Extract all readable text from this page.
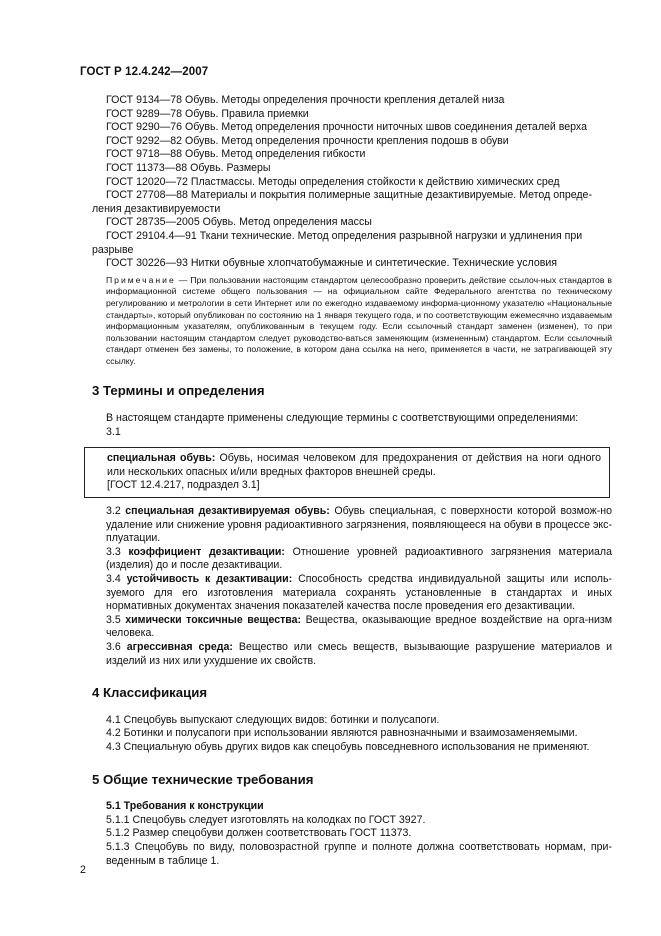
ГОСТ Р 12.4.242—2007

ГОСТ 9134—78 Обувь. Методы определения прочности крепления деталей низа

ГОСТ 9289—78 Обувь. Правила приемки

ГОСТ 9290—76 Обувь. Метод определения прочности ниточных швов соединения деталей верха

ГОСТ 9292—82 Обувь. Метод определения прочности крепления подошв в обуви

ГОСТ 9718—88 Обувь. Метод определения гибкости

ГОСТ 11373—88 Обувь. Размеры

ГОСТ 12020—72 Пластмассы. Методы определения стойкости к действию химических сред

ГОСТ 27708—88 Материалы и покрытия полимерные защитные дезактивируемые. Метод опреде-

ления дезактивируемости

ГОСТ 28735—2005 Обувь. Метод определения массы

ГОСТ 29104.4—91 Ткани технические. Метод определения разрывной нагрузки и удлинения при

разрыве

ГОСТ 30226—93 Нитки обувные хлопчатобумажные и синтетические. Технические условия

Примечание — При пользовании настоящим стандартом целесообразно проверить действие ссылоч-ных стандартов в информационной системе общего пользования — на официальном сайте Федерального агентства по техническому регулированию и метрологии в сети Интернет или по ежегодно издаваемому информа-ционному указателю «Национальные стандарты», который опубликован по состоянию на 1 января текущего года, и по соответствующим ежемесячно издаваемым информационным указателям, опубликованным в текущем году. Если ссылочный стандарт заменен (изменен), то при пользовании настоящим стандартом следует руководство-ваться заменяющим (измененным) стандартом. Если ссылочный стандарт отменен без замены, то положение, в котором дана ссылка на него, применяется в части, не затрагивающей эту ссылку.

3 Термины и определения

В настоящем стандарте применены следующие термины с соответствующими определениями:

3.1

специальная обувь: Обувь, носимая человеком для предохранения от действия на ноги одного или нескольких опасных и/или вредных факторов внешней среды.

[ГОСТ 12.4.217, подраздел 3.1]

3.2 специальная дезактивируемая обувь: Обувь специальная, с поверхности которой возмож-но удаление или снижение уровня радиоактивного загрязнения, появляющееся на обуви в процессе экс-плуатации.

3.3 коэффициент дезактивации: Отношение уровней радиоактивного загрязнения материала (изделия) до и после дезактивации.

3.4 устойчивость к дезактивации: Способность средства индивидуальной защиты или исполь-зуемого для его изготовления материала сохранять установленные в стандартах и иных нормативных документах значения показателей качества после проведения его дезактивации.

3.5 химически токсичные вещества: Вещества, оказывающие вредное воздействие на орга-низм человека.

3.6 агрессивная среда: Вещество или смесь веществ, вызывающие разрушение материалов и изделий из них или ухудшение их свойств.

4 Классификация

4.1 Спецобувь выпускают следующих видов: ботинки и полусапоги.

4.2 Ботинки и полусапоги при использовании являются равнозначными и взаимозаменяемыми.

4.3 Специальную обувь других видов как спецобувь повседневного использования не применяют.

5 Общие технические требования

5.1 Требования к конструкции

5.1.1 Спецобувь следует изготовлять на колодках по ГОСТ 3927.

5.1.2 Размер спецобуви должен соответствовать ГОСТ 11373.

5.1.3 Спецобувь по виду, половозрастной группе и полноте должна соответствовать нормам, при-веденным в таблице 1.

2
